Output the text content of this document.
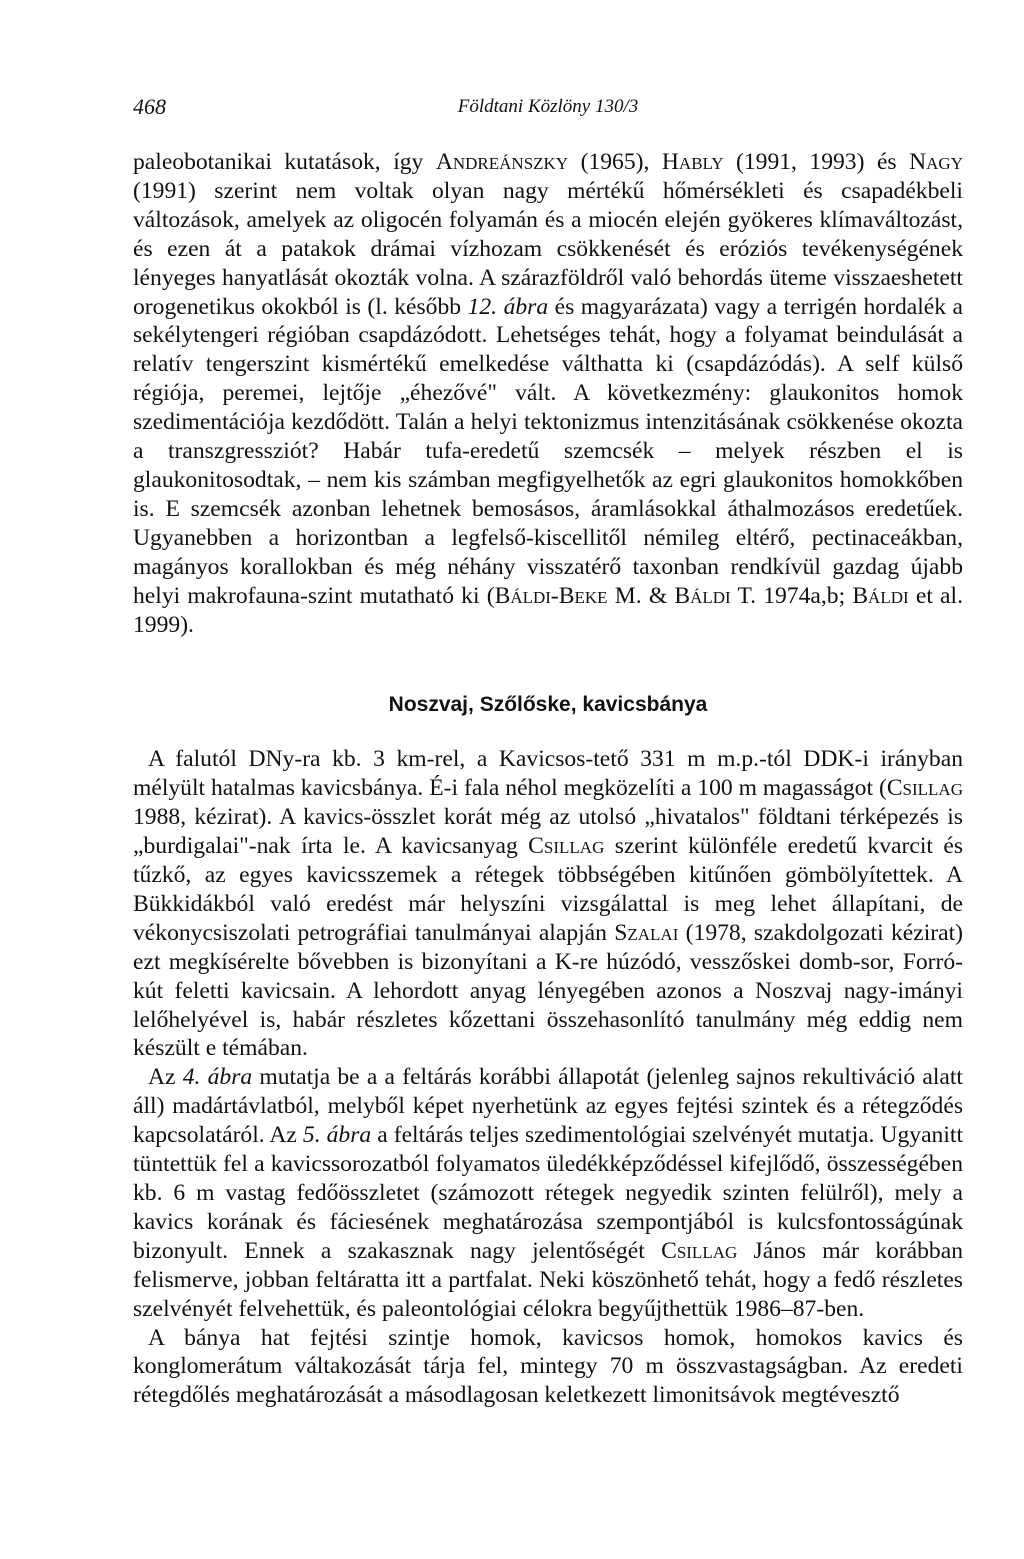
468	Földtani Közlöny 130/3

paleobotanikai kutatások, így Andreánszky (1965), Hably (1991, 1993) és Nagy (1991) szerint nem voltak olyan nagy mértékű hőmérsékleti és csapadékbeli változások, amelyek az oligocén folyamán és a miocén elején gyökeres klímaváltozást, és ezen át a patakok drámai vízhozam csökkenését és eróziós tevékenységének lényeges hanyatlását okozták volna. A szárazföldről való behordás üteme visszaeshetett orogenetikus okokból is (l. később 12. ábra és magyarázata) vagy a terrigén hordalék a sekélytengeri régióban csapdázódott. Lehetséges tehát, hogy a folyamat beindulását a relatív tengerszint kismértékű emelkedése válthatta ki (csapdázódás). A self külső régiója, peremei, lejtője „éhezővé" vált. A következmény: glaukonitos homok szedimentációja kezdődött. Talán a helyi tektonizmus intenzitásának csökkenése okozta a transzgressziót? Habár tufa-eredetű szemcsék – melyek részben el is glaukonitosodtak, – nem kis számban megfigyelhetők az egri glaukonitos homokkőben is. E szemcsék azonban lehetnek bemosásos, áramlásokkal áthalmozásos eredetűek. Ugyanebben a horizontban a legfelső-kiscellitől némileg eltérő, pectinaceákban, magányos korallokban és még néhány visszatérő taxonban rendkívül gazdag újabb helyi makrofauna-szint mutatható ki (Báldi-Beke M. & Báldi T. 1974a,b; Báldi et al. 1999).

Noszvaj, Szőlőske, kavicsbánya

A falutól DNy-ra kb. 3 km-rel, a Kavicsos-tető 331 m m.p.-tól DDK-i irányban mélyült hatalmas kavicsbánya. É-i fala néhol megközelíti a 100 m magasságot (Csillag 1988, kézirat). A kavics-összlet korát még az utolsó „hivatalos" földtani térképezés is „burdigalai"-nak írta le. A kavicsanyag Csillag szerint különféle eredetű kvarcit és tűzkő, az egyes kavicsszemek a rétegek többségében kitűnően gömbölyítettek. A Bükkidákból való eredést már helyszíni vizsgálattal is meg lehet állapítani, de vékonycsiszolati petrográfiai tanulmányai alapján Szalai (1978, szakdolgozati kézirat) ezt megkísérelte bővebben is bizonyítani a K-re húzódó, vesszőskei domb-sor, Forró-kút feletti kavicsain. A lehordott anyag lényegében azonos a Noszvaj nagy-imányi lelőhelyével is, habár részletes kőzettani összehasonlító tanulmány még eddig nem készült e témában.

Az 4. ábra mutatja be a a feltárás korábbi állapotát (jelenleg sajnos rekultiváció alatt áll) madártávlatból, melyből képet nyerhetünk az egyes fejtési szintek és a rétegződés kapcsolatáról. Az 5. ábra a feltárás teljes szedimentológiai szelvényét mutatja. Ugyanitt tüntettük fel a kavicssorozatból folyamatos üledékképződéssel kifejlődő, összességében kb. 6 m vastag fedőösszletet (számozott rétegek negyedik szinten felülről), mely a kavics korának és fáciesének meghatározása szempontjából is kulcsfontosságúnak bizonyult. Ennek a szakasznak nagy jelentőségét Csillag János már korábban felismerve, jobban feltáratta itt a partfalat. Neki köszönhető tehát, hogy a fedő részletes szelvényét felvehettük, és paleontológiai célokra begyűjthettük 1986–87-ben.

A bánya hat fejtési szintje homok, kavicsos homok, homokos kavics és konglomerátum váltakozását tárja fel, mintegy 70 m összvastagságban. Az eredeti rétegdőlés meghatározását a másodlagosan keletkezett limonitsávok megtévesztő
